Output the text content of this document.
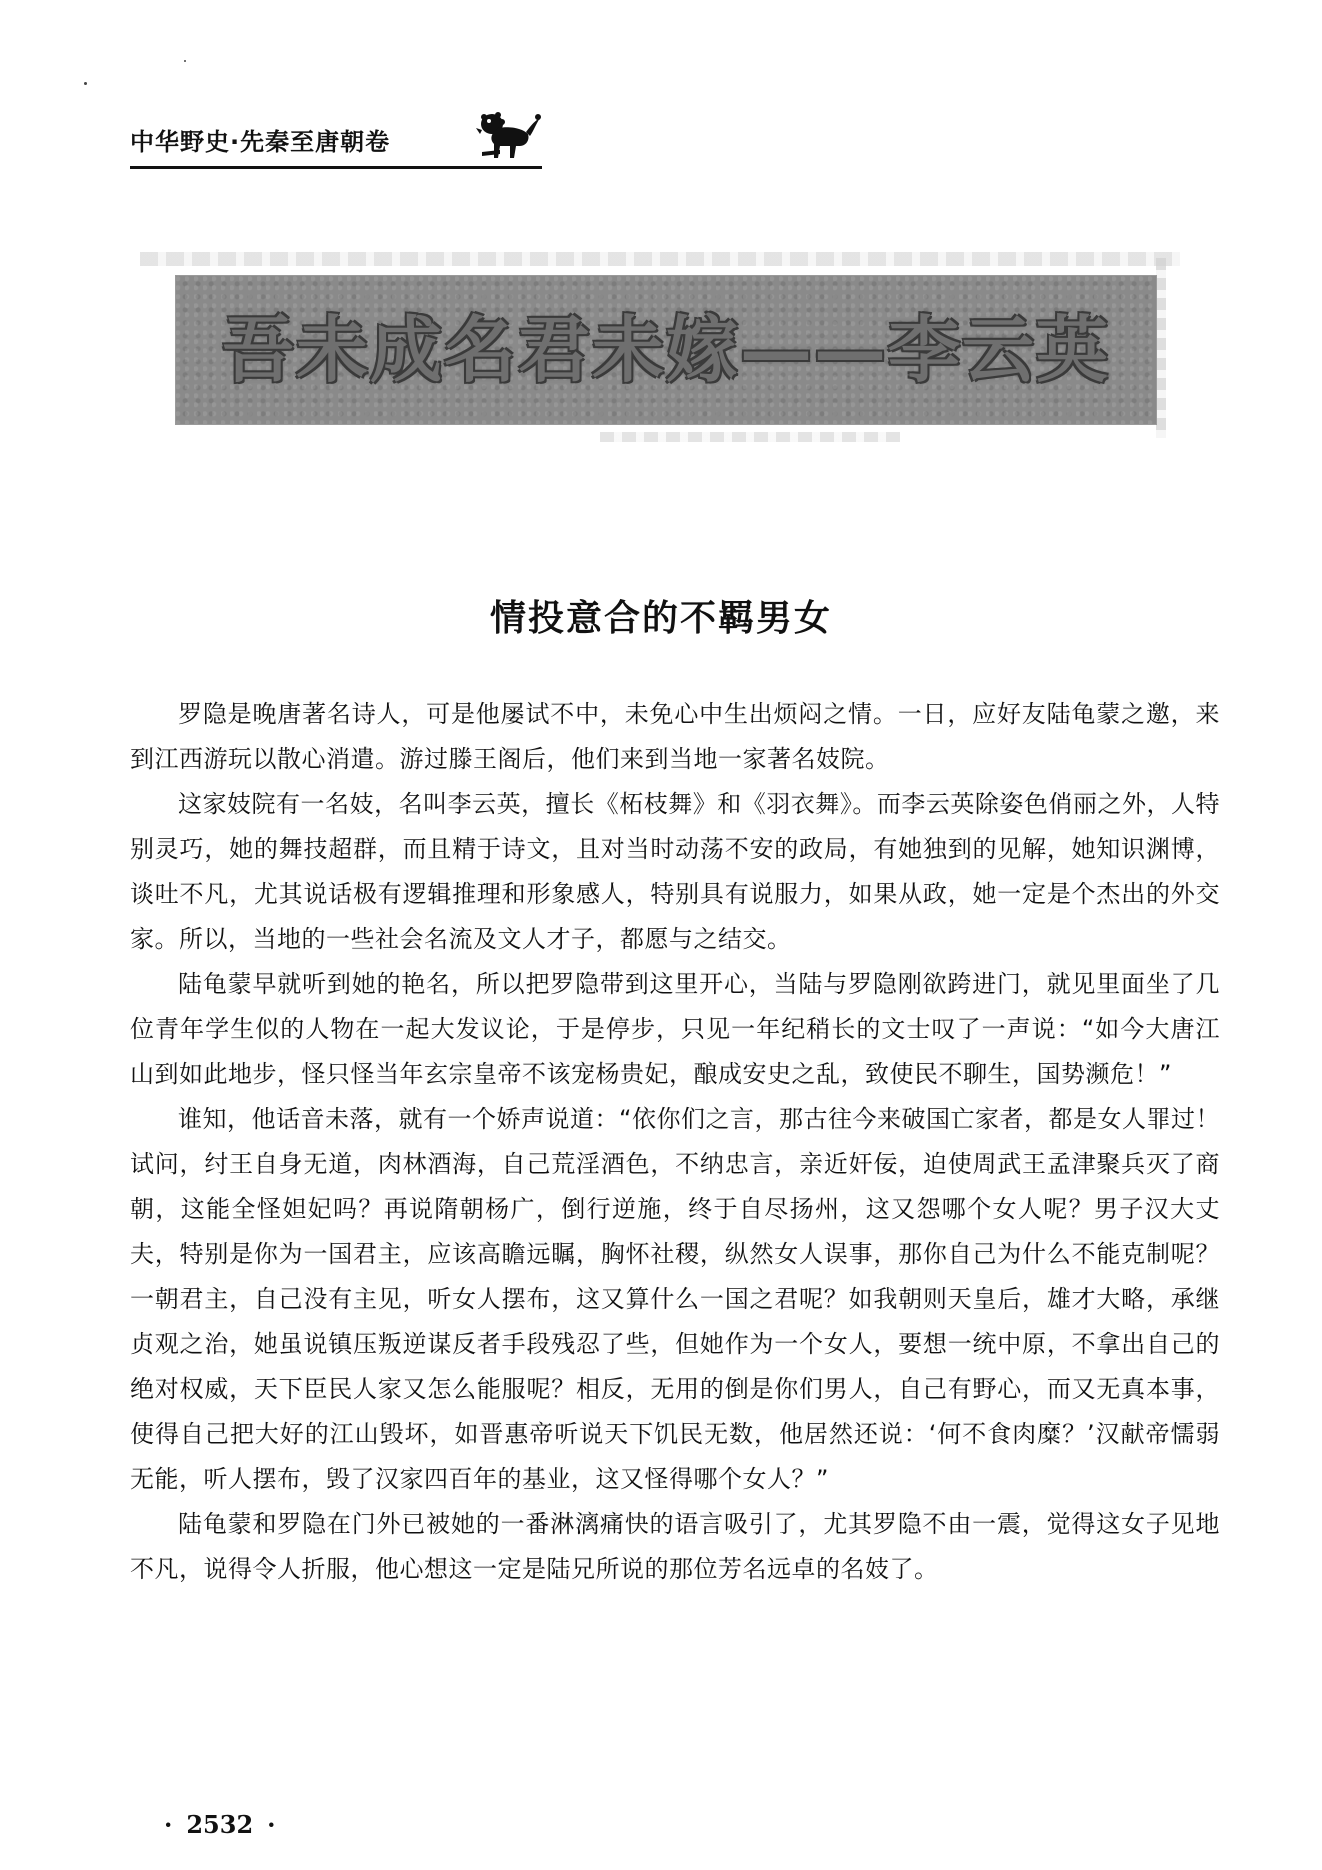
中华野史·先秦至唐朝卷
吾未成名君未嫁——李云英
情投意合的不羁男女

罗隐是晚唐著名诗人，可是他屡试不中，未免心中生出烦闷之情。一日，应好友陆龟蒙之邀，来到江西游玩以散心消遣。游过滕王阁后，他们来到当地一家著名妓院。

这家妓院有一名妓，名叫李云英，擅长《柘枝舞》和《羽衣舞》。而李云英除姿色俏丽之外，人特别灵巧，她的舞技超群，而且精于诗文，且对当时动荡不安的政局，有她独到的见解，她知识渊博，谈吐不凡，尤其说话极有逻辑推理和形象感人，特别具有说服力，如果从政，她一定是个杰出的外交家。所以，当地的一些社会名流及文人才子，都愿与之结交。

陆龟蒙早就听到她的艳名，所以把罗隐带到这里开心，当陆与罗隐刚欲跨进门，就见里面坐了几位青年学生似的人物在一起大发议论，于是停步，只见一年纪稍长的文士叹了一声说：“如今大唐江山到如此地步，怪只怪当年玄宗皇帝不该宠杨贵妃，酿成安史之乱，致使民不聊生，国势濒危！”

谁知，他话音未落，就有一个娇声说道：“依你们之言，那古往今来破国亡家者，都是女人罪过！试问，纣王自身无道，肉林酒海，自己荒淫酒色，不纳忠言，亲近奸佞，迫使周武王孟津聚兵灭了商朝，这能全怪妲妃吗？再说隋朝杨广，倒行逆施，终于自尽扬州，这又怨哪个女人呢？男子汉大丈夫，特别是你为一国君主，应该高瞻远瞩，胸怀社稷，纵然女人误事，那你自己为什么不能克制呢？一朝君主，自己没有主见，听女人摆布，这又算什么一国之君呢？如我朝则天皇后，雄才大略，承继贞观之治，她虽说镇压叛逆谋反者手段残忍了些，但她作为一个女人，要想一统中原，不拿出自己的绝对权威，天下臣民人家又怎么能服呢？相反，无用的倒是你们男人，自己有野心，而又无真本事，使得自己把大好的江山毁坏，如晋惠帝听说天下饥民无数，他居然还说：‘何不食肉糜？’汉献帝懦弱无能，听人摆布，毁了汉家四百年的基业，这又怪得哪个女人？”

陆龟蒙和罗隐在门外已被她的一番淋漓痛快的语言吸引了，尤其罗隐不由一震，觉得这女子见地不凡，说得令人折服，他心想这一定是陆兄所说的那位芳名远卓的名妓了。

· 2532 ·
